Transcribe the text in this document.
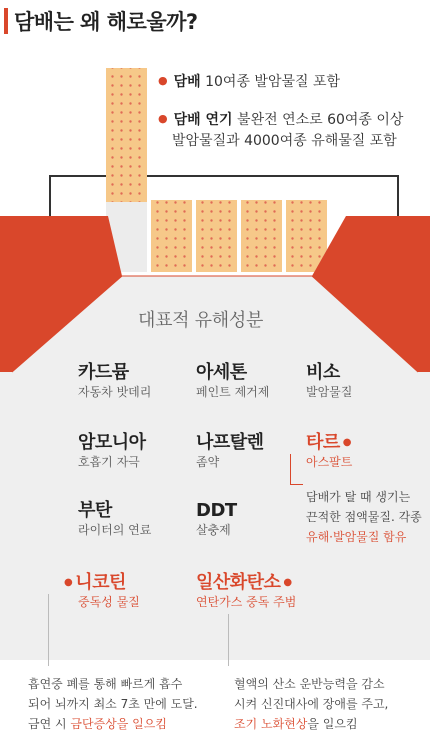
담배는 왜 해로울까?
● 담배 10여종 발암물질 포함
● 담배 연기 불완전 연소로 60여종 이상
발암물질과 4000여종 유해물질 포함
대표적 유해성분
카드뮴
자동차 밧데리
아세톤
페인트 제거제
비소
발암물질
암모니아
호흡기 자극
나프탈렌
좀약
타르 ●
아스팔트
부탄
라이터의 연료
DDT
살충제
● 니코틴
중독성 물질
일산화탄소 ●
연탄가스 중독 주범
담배가 탈 때 생기는
끈적한 점액물질. 각종
유해·발암물질 함유
흡연중 폐를 통해 빠르게 흡수
되어 뇌까지 최소 7초 만에 도달.
금연 시 금단증상을 일으킴
혈액의 산소 운반능력을 감소
시켜 신진대사에 장애를 주고,
조기 노화현상을 일으킴
